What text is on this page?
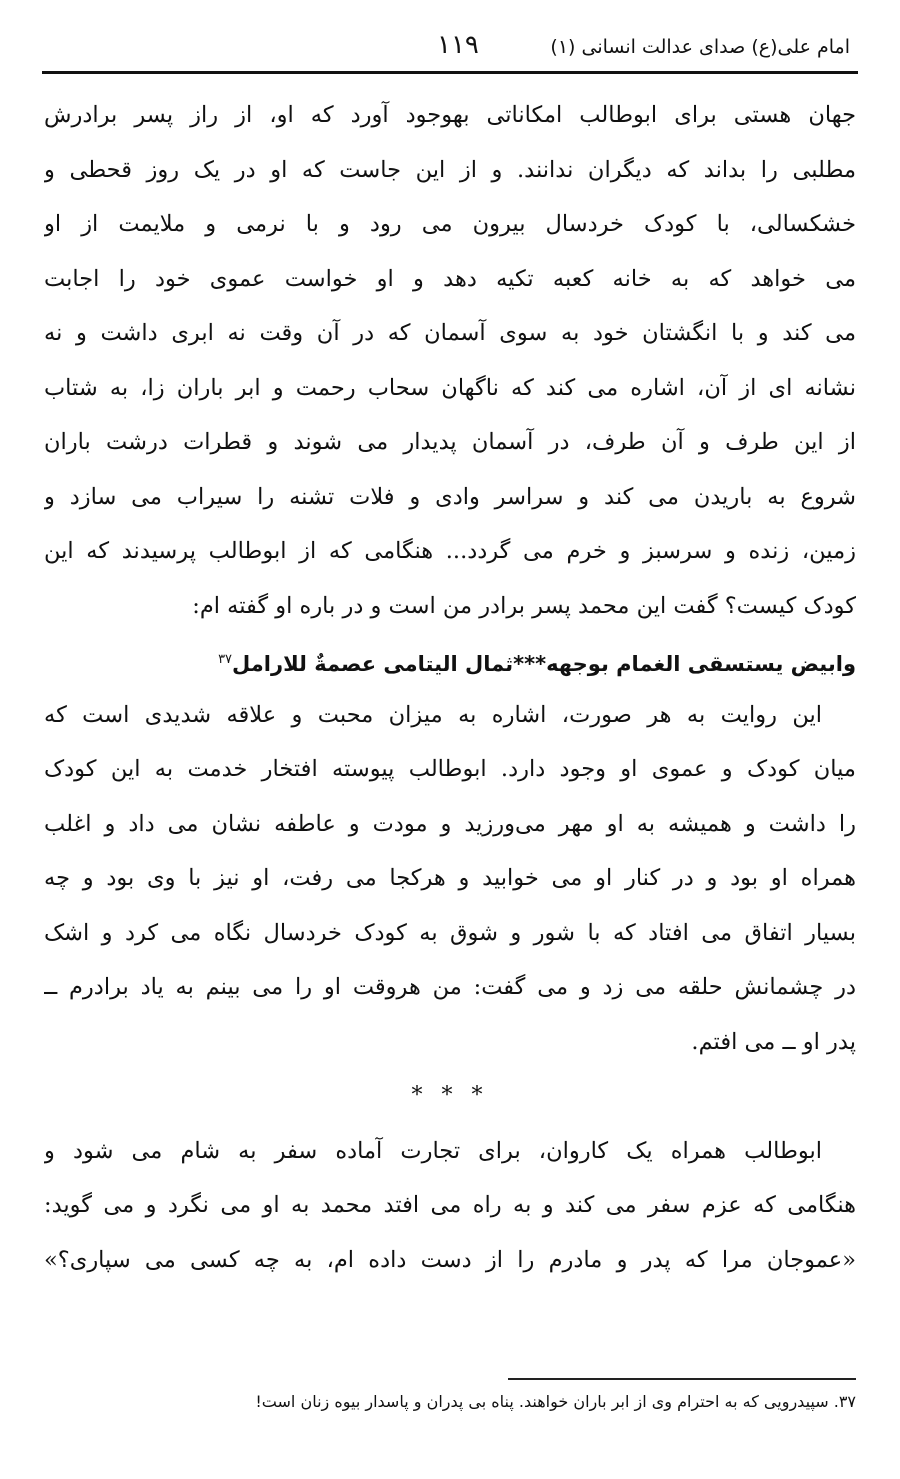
امام علی(ع) صدای عدالت انسانی (۱)
۱۱۹
جهان هستی برای ابوطالب امکاناتی بهوجود آورد که او، از راز پسر برادرش
مطلبی را بداند که دیگران ندانند. و از این جاست که او در یک روز قحطی و
خشکسالی، با کودک خردسال بیرون می رود و با نرمی و ملایمت از او
می خواهد که به خانه کعبه تکیه دهد و او خواست عموی خود را اجابت
می کند و با انگشتان خود به سوی آسمان که در آن وقت نه ابری داشت و نه
نشانه ای از آن، اشاره می کند که ناگهان سحاب رحمت و ابر باران زا، به شتاب
از این طرف و آن طرف، در آسمان پدیدار می شوند و قطرات درشت باران
شروع به باریدن می کند و سراسر وادی و فلات تشنه را سیراب می سازد و
زمین، زنده و سرسبز و خرم می گردد... هنگامی که از ابوطالب پرسیدند که این
کودک کیست؟ گفت این محمد پسر برادر من است و در باره او گفته ام:
وابیض یستسقی الغمام بوجهه***ثمال الیتامی عصمةٌ للارامل$^{۳۷}$
این روایت به هر صورت، اشاره به میزان محبت و علاقه شدیدی است که
میان کودک و عموی او وجود دارد. ابوطالب پیوسته افتخار خدمت به این کودک
را داشت و همیشه به او مهر می‌ورزید و مودت و عاطفه نشان می داد و اغلب
همراه او بود و در کنار او می خوابید و هرکجا می رفت، او نیز با وی بود و چه
بسیار اتفاق می افتاد که با شور و شوق به کودک خردسال نگاه می کرد و اشک
در چشمانش حلقه می زد و می گفت: من هروقت او را می بینم به یاد برادرم ــ
پدر او ــ می افتم.
* * *
ابوطالب همراه یک کاروان، برای تجارت آماده سفر به شام می شود و
هنگامی که عزم سفر می کند و به راه می افتد محمد به او می نگرد و می گوید:
«عموجان مرا که پدر و مادرم را از دست داده ام، به چه کسی می سپاری؟»
۳۷. سپیدرویی که به احترام وی از ابر باران خواهند. پناه بی پدران و پاسدار بیوه زنان است!
